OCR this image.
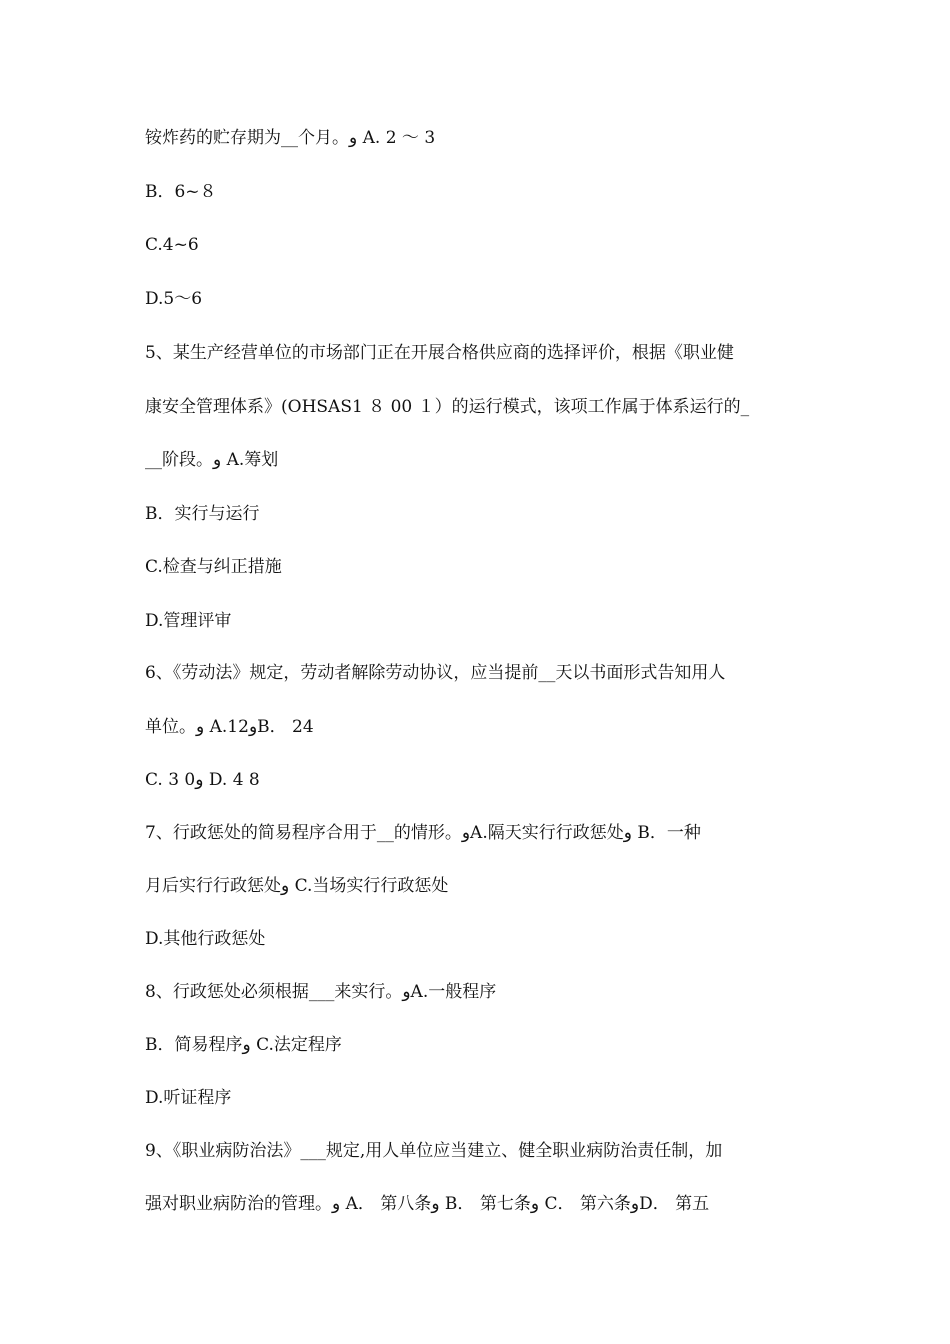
铵炸药的贮存期为__个月。و A. 2 ～ 3
B．6~８
C.4~6
D.5～6
5、某生产经营单位的市场部门正在开展合格供应商的选择评价，根据《职业健
康安全管理体系》(OHSAS1 ８ 00 １）的运行模式，该项工作属于体系运行的_
__阶段。و A.筹划
B．实行与运行
C.检查与纠正措施
D.管理评审
6、《劳动法》规定，劳动者解除劳动协议，应当提前__天以书面形式告知用人
单位。و A.12وB． 24
C. 3 0و D. 4 8
7、行政惩处的简易程序合用于__的情形。وA.隔天实行行政惩处و B．一种
月后实行行政惩处و C.当场实行行政惩处
D.其他行政惩处
8、行政惩处必须根据___来实行。وA.一般程序
B．简易程序و C.法定程序
D.听证程序
9、《职业病防治法》___规定,用人单位应当建立、健全职业病防治责任制，加
强对职业病防治的管理。و A． 第八条و B． 第七条و C． 第六条وD． 第五
